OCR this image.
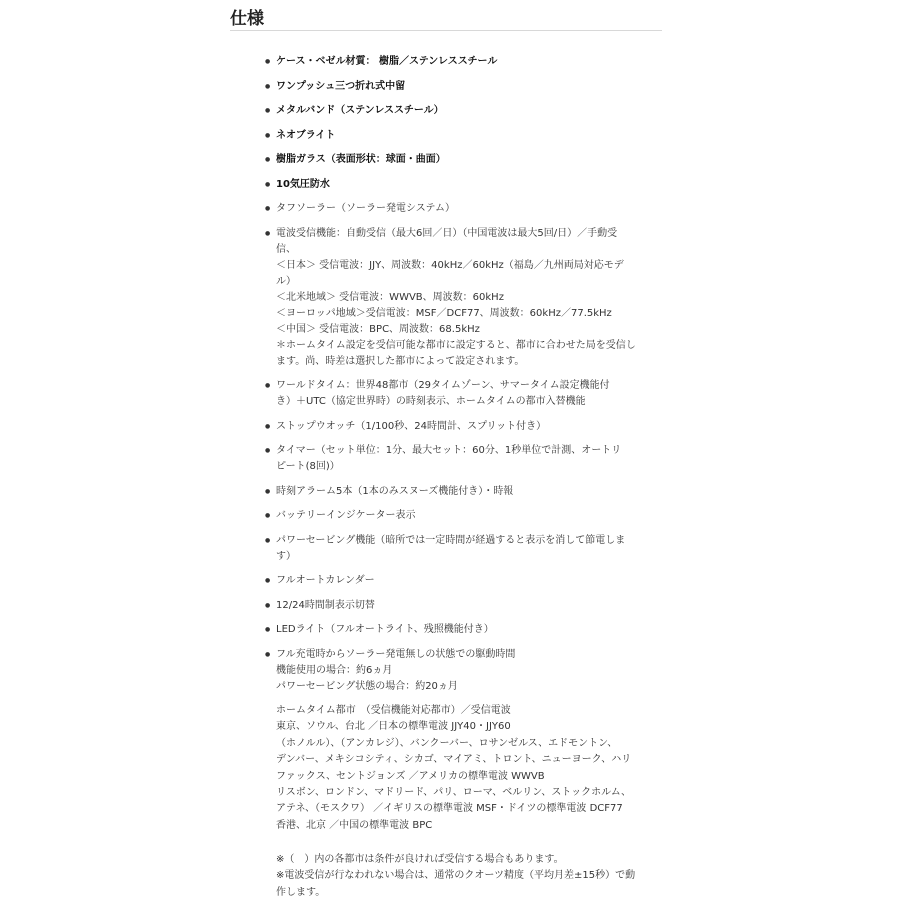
仕様
● ケース・ベゼル材質： 樹脂／ステンレススチール
● ワンプッシュ三つ折れ式中留
● メタルバンド（ステンレススチール）
● ネオブライト
● 樹脂ガラス（表面形状：球面・曲面）
● 10気圧防水
● タフソーラー（ソーラー発電システム）
● 電波受信機能：自動受信（最大6回／日）（中国電波は最大5回/日）／手動受
信、
＜日本＞ 受信電波：JJY、周波数：40kHz／60kHz（福島／九州両局対応モデ
ル）
＜北米地域＞ 受信電波：WWVB、周波数：60kHz
＜ヨーロッパ地域＞受信電波：MSF／DCF77、周波数：60kHz／77.5kHz
＜中国＞ 受信電波：BPC、周波数：68.5kHz
＊ホームタイム設定を受信可能な都市に設定すると、都市に合わせた局を受信し
ます。尚、時差は選択した都市によって設定されます。
● ワールドタイム：世界48都市（29タイムゾーン、サマータイム設定機能付
き）＋UTC（協定世界時）の時刻表示、ホームタイムの都市入替機能
● ストップウオッチ（1/100秒、24時間計、スプリット付き）
● タイマー（セット単位：1分、最大セット：60分、1秒単位で計測、オートリ
ピート(8回)）
● 時刻アラーム5本（1本のみスヌーズ機能付き）・時報
● バッテリーインジケーター表示
● パワーセービング機能（暗所では一定時間が経過すると表示を消して節電しま
す）
● フルオートカレンダー
● 12/24時間制表示切替
● LEDライト（フルオートライト、残照機能付き）
● フル充電時からソーラー発電無しの状態での駆動時間
機能使用の場合：約6ヵ月
パワーセービング状態の場合：約20ヵ月
ホームタイム都市　（受信機能対応都市）／受信電波
東京、ソウル、台北 ／日本の標準電波 JJY40・JJY60
（ホノルル）、（アンカレジ）、バンクーバー、ロサンゼルス、エドモントン、
デンバー、メキシコシティ、シカゴ、マイアミ、トロント、ニューヨーク、ハリ
ファックス、セントジョンズ ／アメリカの標準電波 WWVB
リスボン、ロンドン、マドリード、パリ、ローマ、ベルリン、ストックホルム、
アテネ、（モスクワ） ／イギリスの標準電波 MSF・ドイツの標準電波 DCF77
香港、北京 ／中国の標準電波 BPC
※（　）内の各都市は条件が良ければ受信する場合もあります。
※電波受信が行なわれない場合は、通常のクオーツ精度（平均月差±15秒）で動
作します。
